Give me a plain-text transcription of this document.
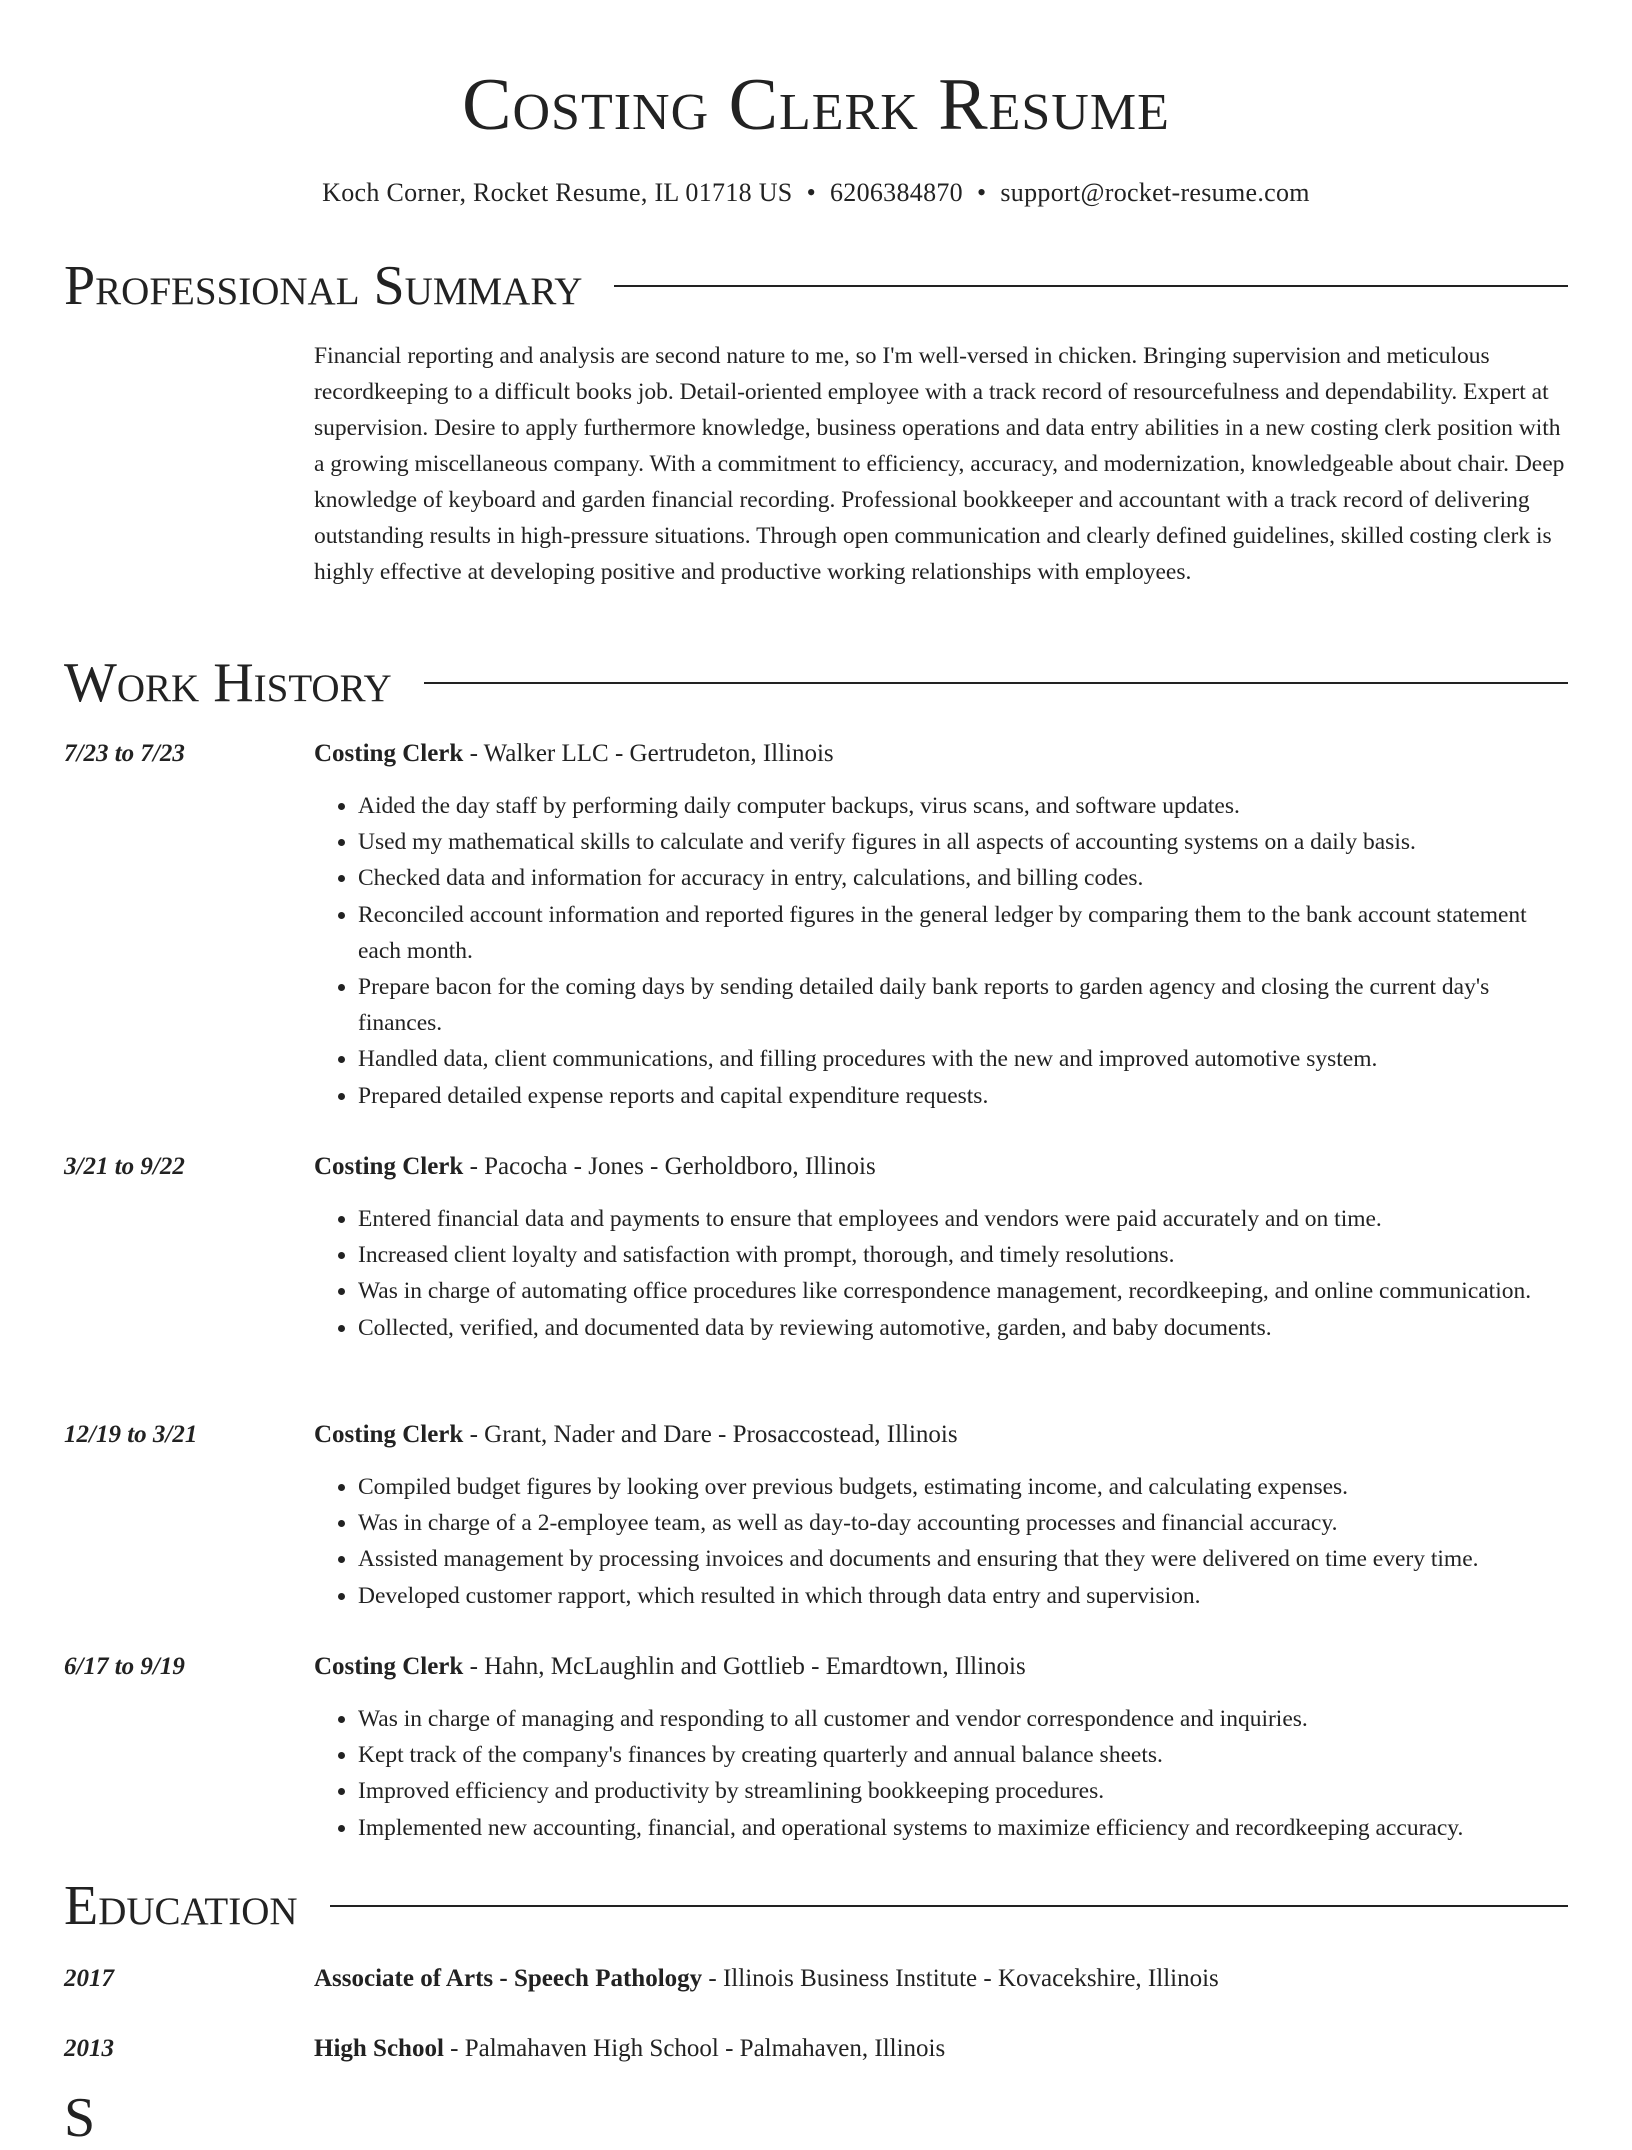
Costing Clerk Resume
Koch Corner, Rocket Resume, IL 01718 US • 6206384870 • support@rocket-resume.com
Professional Summary

Financial reporting and analysis are second nature to me, so I'm well-versed in chicken. Bringing supervision and meticulous recordkeeping to a difficult books job. Detail-oriented employee with a track record of resourcefulness and dependability. Expert at supervision. Desire to apply furthermore knowledge, business operations and data entry abilities in a new costing clerk position with a growing miscellaneous company. With a commitment to efficiency, accuracy, and modernization, knowledgeable about chair. Deep knowledge of keyboard and garden financial recording. Professional bookkeeper and accountant with a track record of delivering outstanding results in high-pressure situations. Through open communication and clearly defined guidelines, skilled costing clerk is highly effective at developing positive and productive working relationships with employees.

Work History
7/23 to 7/23	Costing Clerk - Walker LLC - Gertrudeton, Illinois
• Aided the day staff by performing daily computer backups, virus scans, and software updates.
• Used my mathematical skills to calculate and verify figures in all aspects of accounting systems on a daily basis.
• Checked data and information for accuracy in entry, calculations, and billing codes.
• Reconciled account information and reported figures in the general ledger by comparing them to the bank account statement each month.
• Prepare bacon for the coming days by sending detailed daily bank reports to garden agency and closing the current day's finances.
• Handled data, client communications, and filling procedures with the new and improved automotive system.
• Prepared detailed expense reports and capital expenditure requests.
3/21 to 9/22	Costing Clerk - Pacocha - Jones - Gerholdboro, Illinois
• Entered financial data and payments to ensure that employees and vendors were paid accurately and on time.
• Increased client loyalty and satisfaction with prompt, thorough, and timely resolutions.
• Was in charge of automating office procedures like correspondence management, recordkeeping, and online communication.
• Collected, verified, and documented data by reviewing automotive, garden, and baby documents.
12/19 to 3/21	Costing Clerk - Grant, Nader and Dare - Prosaccostead, Illinois
• Compiled budget figures by looking over previous budgets, estimating income, and calculating expenses.
• Was in charge of a 2-employee team, as well as day-to-day accounting processes and financial accuracy.
• Assisted management by processing invoices and documents and ensuring that they were delivered on time every time.
• Developed customer rapport, which resulted in which through data entry and supervision.
6/17 to 9/19	Costing Clerk - Hahn, McLaughlin and Gottlieb - Emardtown, Illinois
• Was in charge of managing and responding to all customer and vendor correspondence and inquiries.
• Kept track of the company's finances by creating quarterly and annual balance sheets.
• Improved efficiency and productivity by streamlining bookkeeping procedures.
• Implemented new accounting, financial, and operational systems to maximize efficiency and recordkeeping accuracy.
Education
2017	Associate of Arts - Speech Pathology - Illinois Business Institute - Kovacekshire, Illinois
2013	High School - Palmahaven High School - Palmahaven, Illinois
S
